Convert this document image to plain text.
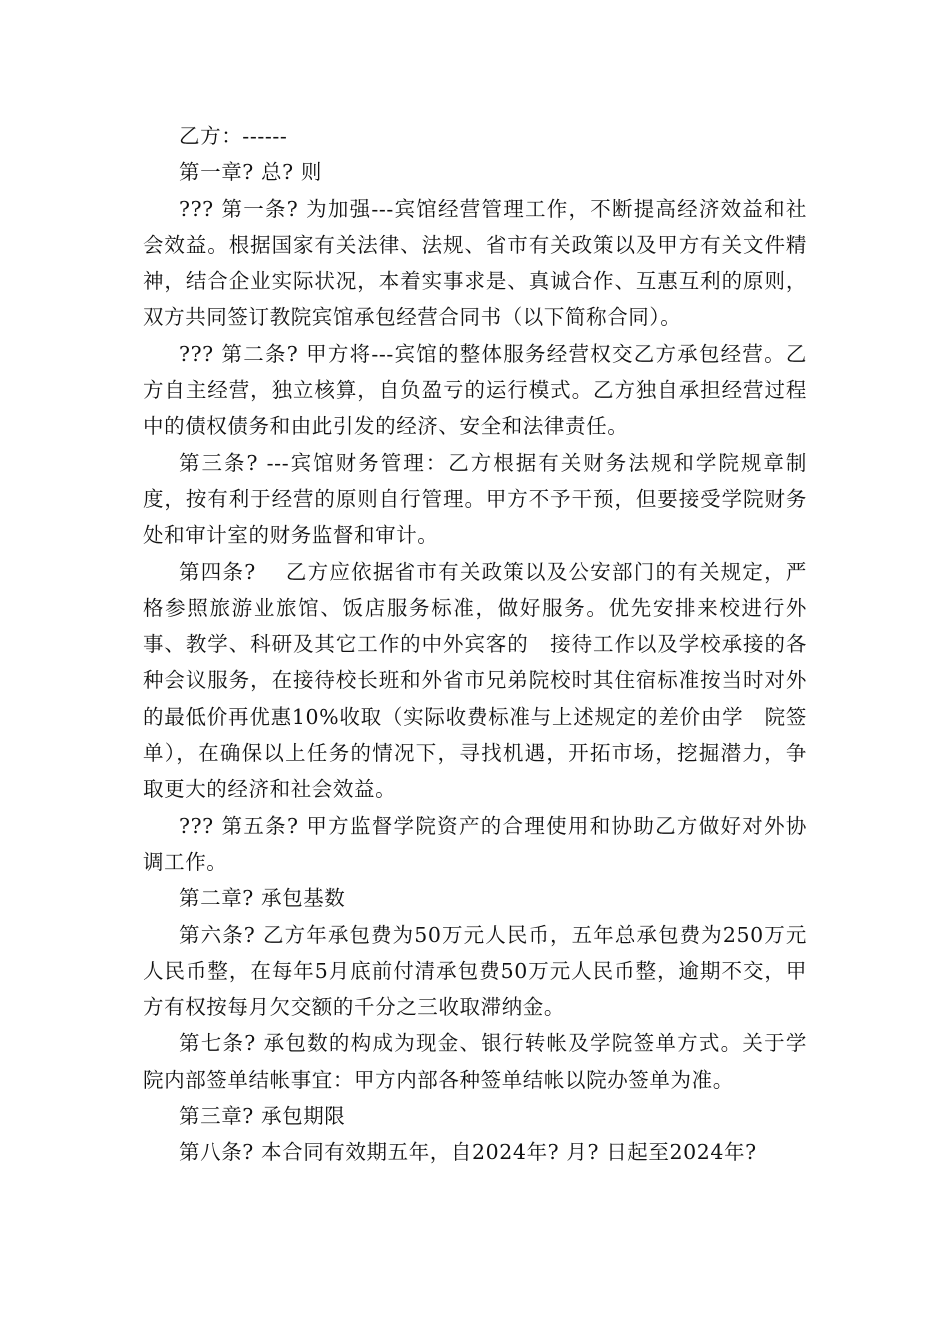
乙方：------

第一章? 总? 则

??? 第一条? 为加强---宾馆经营管理工作，不断提高经济效益和社会效益。根据国家有关法律、法规、省市有关政策以及甲方有关文件精神，结合企业实际状况，本着实事求是、真诚合作、互惠互利的原则，双方共同签订教院宾馆承包经营合同书（以下简称合同）。

??? 第二条? 甲方将---宾馆的整体服务经营权交乙方承包经营。乙方自主经营，独立核算，自负盈亏的运行模式。乙方独自承担经营过程中的债权债务和由此引发的经济、安全和法律责任。

第三条? ---宾馆财务管理：乙方根据有关财务法规和学院规章制度，按有利于经营的原则自行管理。甲方不予干预，但要接受学院财务处和审计室的财务监督和审计。

第四条?　 乙方应依据省市有关政策以及公安部门的有关规定，严格参照旅游业旅馆、饭店服务标准，做好服务。优先安排来校进行外事、教学、科研及其它工作的中外宾客的　接待工作以及学校承接的各种会议服务，在接待校长班和外省市兄弟院校时其住宿标准按当时对外的最低价再优惠10%收取（实际收费标准与上述规定的差价由学　院签单），在确保以上任务的情况下，寻找机遇，开拓市场，挖掘潜力，争取更大的经济和社会效益。

??? 第五条? 甲方监督学院资产的合理使用和协助乙方做好对外协调工作。

第二章? 承包基数

第六条? 乙方年承包费为50万元人民币，五年总承包费为250万元人民币整，在每年5月底前付清承包费50万元人民币整，逾期不交，甲方有权按每月欠交额的千分之三收取滞纳金。

第七条? 承包数的构成为现金、银行转帐及学院签单方式。关于学院内部签单结帐事宜：甲方内部各种签单结帐以院办签单为准。

第三章? 承包期限

第八条? 本合同有效期五年，自2024年? 月? 日起至2024年?
